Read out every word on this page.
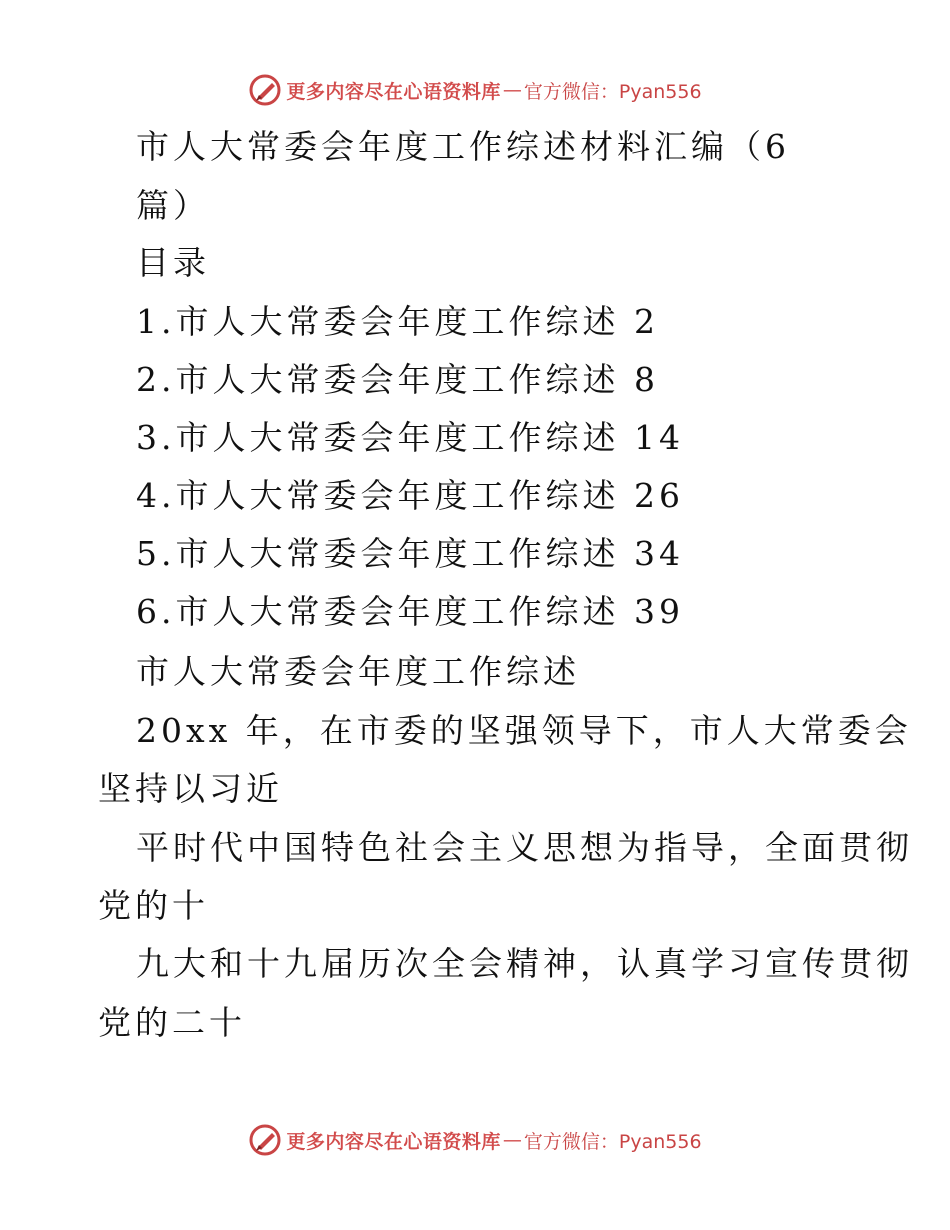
更多内容尽在心语资料库 — 官方微信：Pyan556
市人大常委会年度工作综述材料汇编（6
篇）
目录
1.市人大常委会年度工作综述 2
2.市人大常委会年度工作综述 8
3.市人大常委会年度工作综述 14
4.市人大常委会年度工作综述 26
5.市人大常委会年度工作综述 34
6.市人大常委会年度工作综述 39
市人大常委会年度工作综述
20xx 年，在市委的坚强领导下，市人大常委会
坚持以习近
平时代中国特色社会主义思想为指导，全面贯彻
党的十
九大和十九届历次全会精神，认真学习宣传贯彻
党的二十
更多内容尽在心语资料库 — 官方微信：Pyan556
